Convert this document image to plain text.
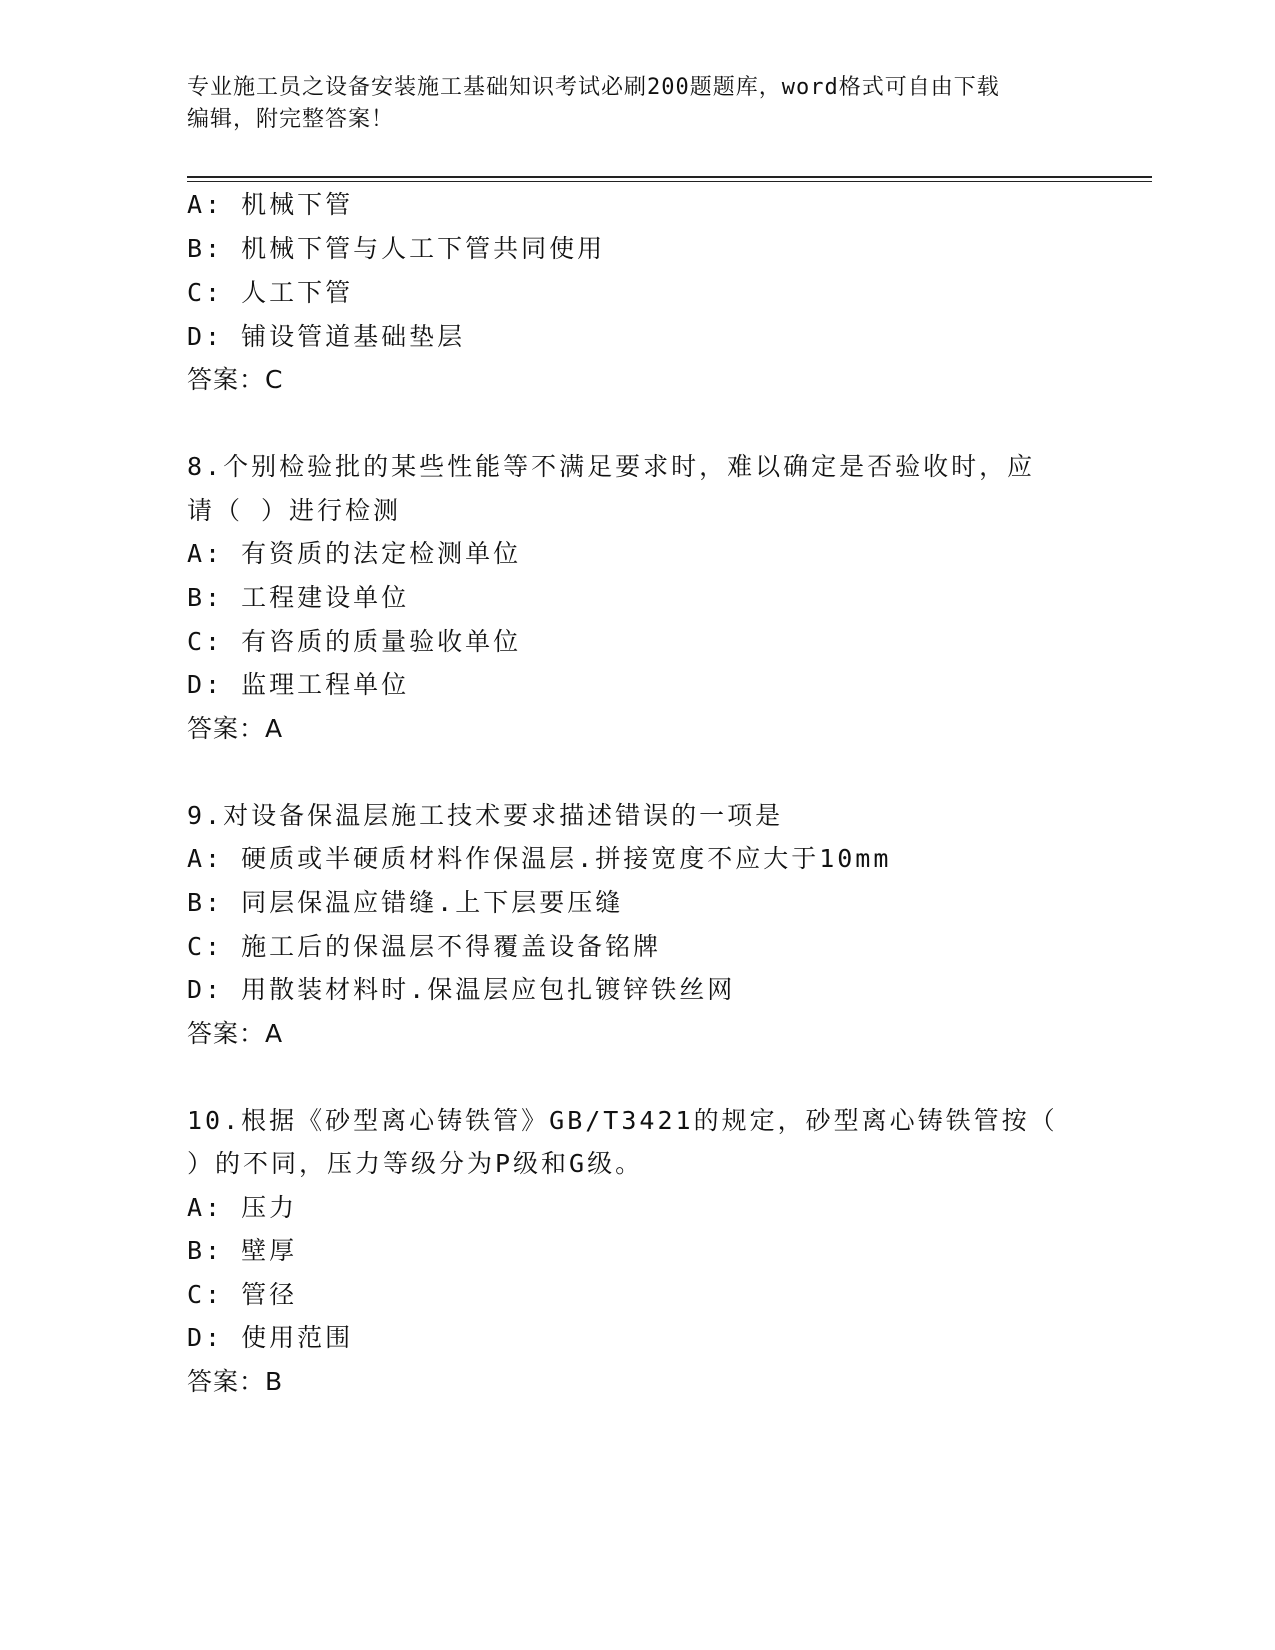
专业施工员之设备安装施工基础知识考试必刷200题题库，word格式可自由下载
编辑，附完整答案！
A: 机械下管
B: 机械下管与人工下管共同使用
C: 人工下管
D: 铺设管道基础垫层
答案：C
8.个别检验批的某些性能等不满足要求时，难以确定是否验收时，应
请（ ）进行检测
A: 有资质的法定检测单位
B: 工程建设单位
C: 有咨质的质量验收单位
D: 监理工程单位
答案：A
9.对设备保温层施工技术要求描述错误的一项是
A: 硬质或半硬质材料作保温层.拼接宽度不应大于10mm
B: 同层保温应错缝.上下层要压缝
C: 施工后的保温层不得覆盖设备铭牌
D: 用散装材料时.保温层应包扎镀锌铁丝网
答案：A
10.根据《砂型离心铸铁管》GB/T3421的规定，砂型离心铸铁管按（
）的不同，压力等级分为P级和G级。
A: 压力
B: 壁厚
C: 管径
D: 使用范围
答案：B
